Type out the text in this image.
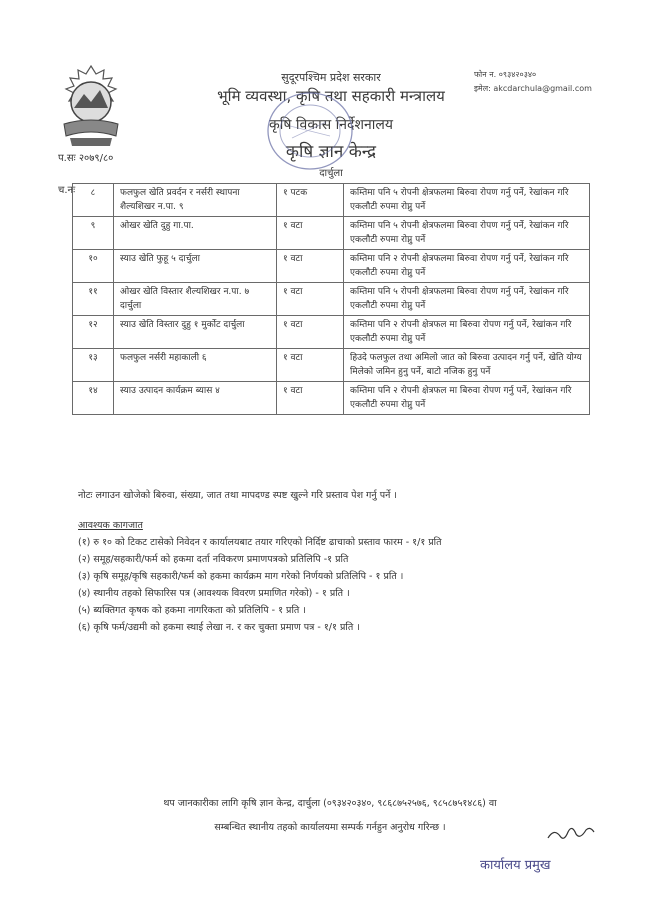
सुदूरपश्चिम प्रदेश सरकार
भूमि व्यवस्था, कृषि तथा सहकारी मन्त्रालय
कृषि विकास निर्देशनालय
कृषि ज्ञान केन्द्र
दार्चुला
फोन न. ०९३४२०३४०
इमेल: akcdarchula@gmail.com
प.सः २०७९/८०
च.नः ८	फलफुल खेति प्रवर्दन र नर्सरी स्थापना शैल्यशिखर न.पा. ९	१ पटक	कम्तिमा पनि ५ रोपनी क्षेत्रफलमा बिरुवा रोपण गर्नु पर्ने, रेखांकन गरि एकलौटी रुपमा रोप्नु पर्ने
९	ओखर खेति दुहु गा.पा.	१ वटा	कम्तिमा पनि ५ रोपनी क्षेत्रफलमा बिरुवा रोपण गर्नु पर्ने, रेखांकन गरि एकलौटी रुपमा रोप्नु पर्ने
१०	स्याउ खेति फुहू ५ दार्चुला	१ वटा	कम्तिमा पनि २ रोपनी क्षेत्रफलमा बिरुवा रोपण गर्नु पर्ने, रेखांकन गरि एकलौटी रुपमा रोप्नु पर्ने
११	ओखर खेति विस्तार शैल्यशिखर न.पा. ७ दार्चुला	१ वटा	कम्तिमा पनि ५ रोपनी क्षेत्रफलमा बिरुवा रोपण गर्नु पर्ने, रेखांकन गरि एकलौटी रुपमा रोप्नु पर्ने
१२	स्याउ खेति विस्तार दुहु १ मुर्कोट दार्चुला	१ वटा	कम्तिमा पनि २ रोपनी क्षेत्रफल मा बिरुवा रोपण गर्नु पर्ने, रेखांकन गरि एकलौटी रुपमा रोप्नु पर्ने
१३	फलफुल नर्सरी महाकाली ६	१ वटा	हिउदे फलफुल तथा अमिलो जात को बिरुवा उत्पादन गर्नु पर्ने, खेति योग्य मिलेको जमिन हुनु पर्ने, बाटो नजिक हुनु पर्ने
१४	स्याउ उत्पादन कार्यक्रम ब्यास ४	१ वटा	कम्तिमा पनि २ रोपनी क्षेत्रफल मा बिरुवा रोपण गर्नु पर्ने, रेखांकन गरि एकलौटी रुपमा रोप्नु पर्ने
नोटः लगाउन खोजेको बिरुवा, संख्या, जात तथा मापदण्ड स्पष्ट खुल्ने गरि प्रस्ताव पेश गर्नु पर्ने ।

आवश्यक कागजात

(१) रु १० को टिकट टासेको निवेदन र कार्यालयबाट तयार गरिएको निर्दिष्ट ढाचाको प्रस्ताव फारम - १/१ प्रति

(२) समूह/सहकारी/फर्म को हकमा दर्ता नविकरण प्रमाणपत्रको प्रतिलिपि -१ प्रति

(३) कृषि समूह/कृषि सहकारी/फर्म को हकमा कार्यक्रम माग गरेको निर्णयको प्रतिलिपि - १ प्रति ।

(४) स्थानीय तहको सिफारिस पत्र (आवश्यक विवरण प्रमाणित गरेको) - १ प्रति ।

(५) ब्यक्तिगत कृषक को हकमा नागरिकता को प्रतिलिपि - १ प्रति ।

(६) कृषि फर्म/उद्यमी को हकमा स्थाई लेखा न. र कर चुक्ता प्रमाण पत्र - १/१ प्रति ।

थप जानकारीका लागि कृषि ज्ञान केन्द्र, दार्चुला (०९३४२०३४०, ९८६८७५२५७६, ९८५८७५१४८६) वा
सम्बन्धित स्थानीय तहको कार्यालयमा सम्पर्क गर्नहुन अनुरोध गरिन्छ ।
कार्यालय प्रमुख
